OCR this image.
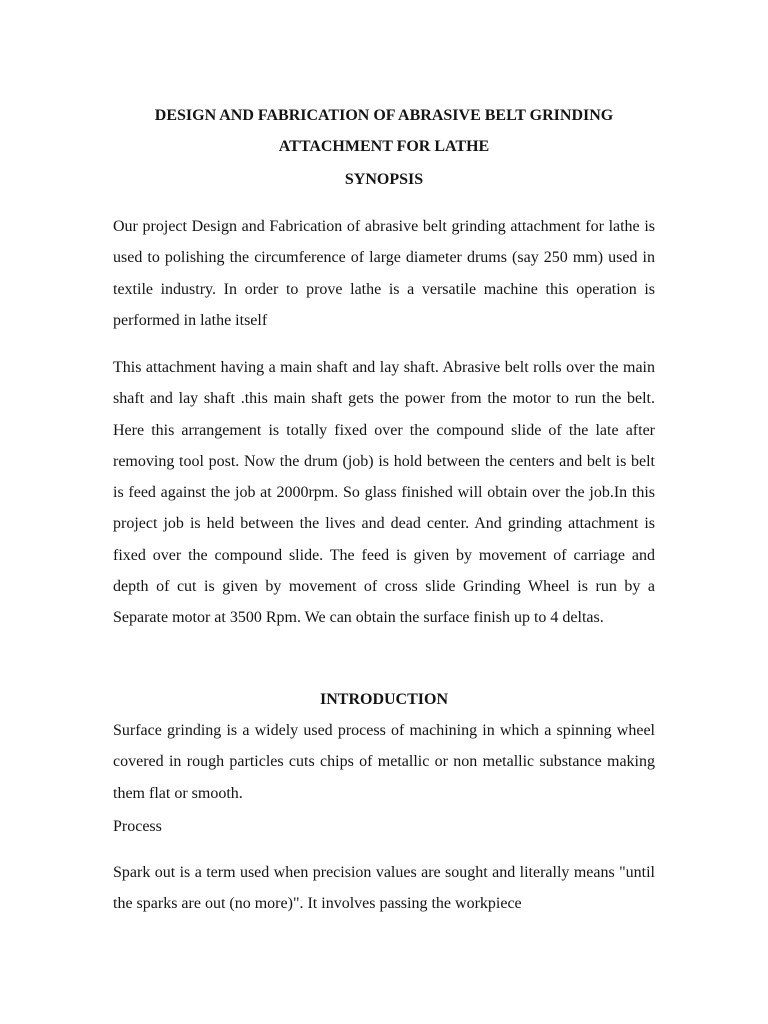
DESIGN AND FABRICATION OF ABRASIVE BELT GRINDING
ATTACHMENT FOR LATHE
SYNOPSIS

Our project Design and Fabrication of abrasive belt grinding attachment for lathe is used to polishing the circumference of large diameter drums (say 250 mm) used in textile industry. In order to prove lathe is a versatile machine this operation is performed in lathe itself

This attachment having a main shaft and lay shaft. Abrasive belt rolls over the main shaft and lay shaft .this main shaft gets the power from the motor to run the belt. Here this arrangement is totally fixed over the compound slide of the late after removing tool post. Now the drum (job) is hold between the centers and belt is belt is feed against the job at 2000rpm. So glass finished will obtain over the job.In this project job is held between the lives and dead center. And grinding attachment is fixed over the compound slide. The feed is given by movement of carriage and depth of cut is given by movement of cross slide Grinding Wheel is run by a Separate motor at 3500 Rpm. We can obtain the surface finish up to 4 deltas.

INTRODUCTION

Surface grinding is a widely used process of machining in which a spinning wheel covered in rough particles cuts chips of metallic or non metallic substance making them flat or smooth.

Process

Spark out is a term used when precision values are sought and literally means "until the sparks are out (no more)". It involves passing the workpiece
